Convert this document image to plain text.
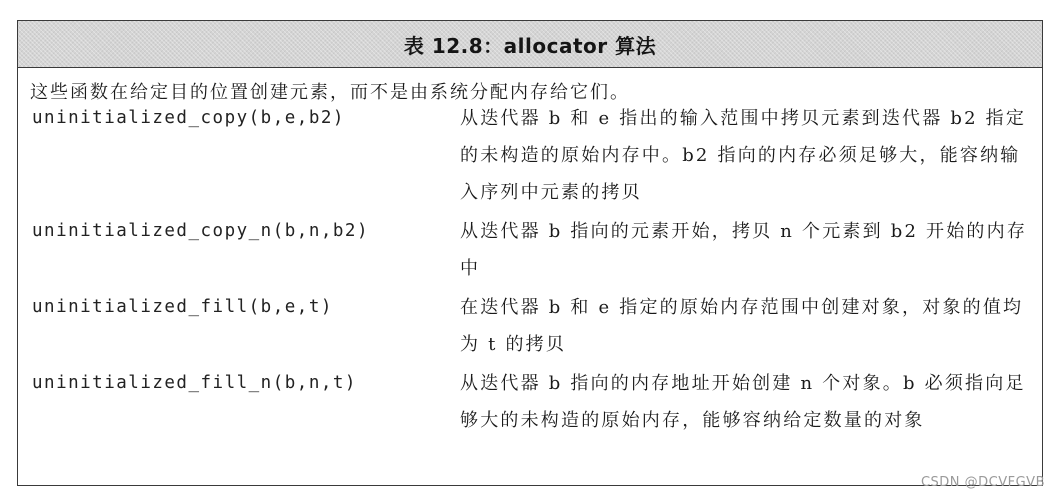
表 12.8：allocator 算法
这些函数在给定目的位置创建元素，而不是由系统分配内存给它们。
uninitialized_copy(b,e,b2)	从迭代器 b 和 e 指出的输入范围中拷贝元素到迭代器 b2 指定的未构造的原始内存中。b2 指向的内存必须足够大，能容纳输入序列中元素的拷贝
uninitialized_copy_n(b,n,b2)	从迭代器 b 指向的元素开始，拷贝 n 个元素到 b2 开始的内存中
uninitialized_fill(b,e,t)	在迭代器 b 和 e 指定的原始内存范围中创建对象，对象的值均为 t 的拷贝
uninitialized_fill_n(b,n,t)	从迭代器 b 指向的内存地址开始创建 n 个对象。b 必须指向足够大的未构造的原始内存，能够容纳给定数量的对象
CSDN @DCVFGVB
